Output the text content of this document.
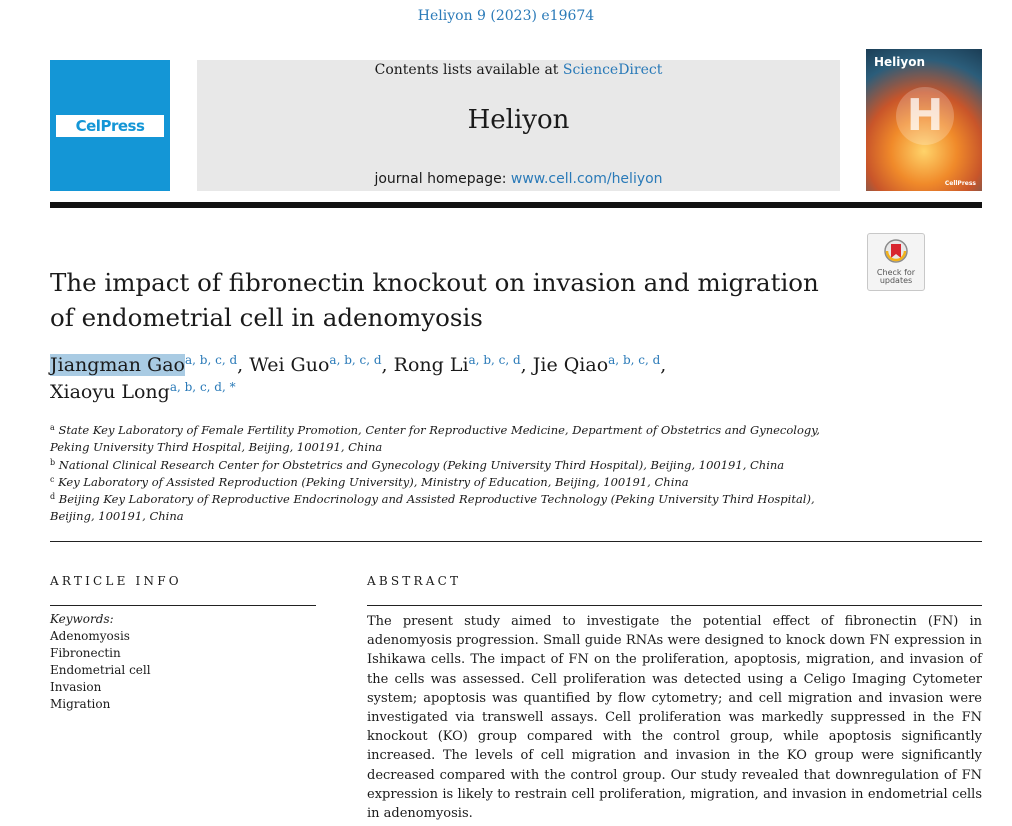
Heliyon 9 (2023) e19674
CelPress
Contents lists available at ScienceDirect
Heliyon
journal homepage: www.cell.com/heliyon
Heliyon
H
CellPress
Check for
updates
The impact of fibronectin knockout on invasion and migration of endometrial cell in adenomyosis
Jiangman Gao$^{a, b, c, d}$, Wei Guo$^{a, b, c, d}$, Rong Li$^{a, b, c, d}$, Jie Qiao$^{a, b, c, d}$,
Xiaoyu Long$^{a, b, c, d, *}$

$^a$ State Key Laboratory of Female Fertility Promotion, Center for Reproductive Medicine, Department of Obstetrics and Gynecology, Peking University Third Hospital, Beijing, 100191, China

$^b$ National Clinical Research Center for Obstetrics and Gynecology (Peking University Third Hospital), Beijing, 100191, China

$^c$ Key Laboratory of Assisted Reproduction (Peking University), Ministry of Education, Beijing, 100191, China

$^d$ Beijing Key Laboratory of Reproductive Endocrinology and Assisted Reproductive Technology (Peking University Third Hospital), Beijing, 100191, China

ARTICLE INFO	ABSTRACT
Keywords:
Adenomyosis
Fibronectin
Endometrial cell
Invasion
Migration

The present study aimed to investigate the potential effect of fibronectin (FN) in adenomyosis progression. Small guide RNAs were designed to knock down FN expression in Ishikawa cells. The impact of FN on the proliferation, apoptosis, migration, and invasion of the cells was assessed. Cell proliferation was detected using a Celigo Imaging Cytometer system; apoptosis was quantified by flow cytometry; and cell migration and invasion were investigated via transwell assays. Cell proliferation was markedly suppressed in the FN knockout (KO) group compared with the control group, while apoptosis significantly increased. The levels of cell migration and invasion in the KO group were significantly decreased compared with the control group. Our study revealed that downregulation of FN expression is likely to restrain cell proliferation, migration, and invasion in endometrial cells in adenomyosis.
